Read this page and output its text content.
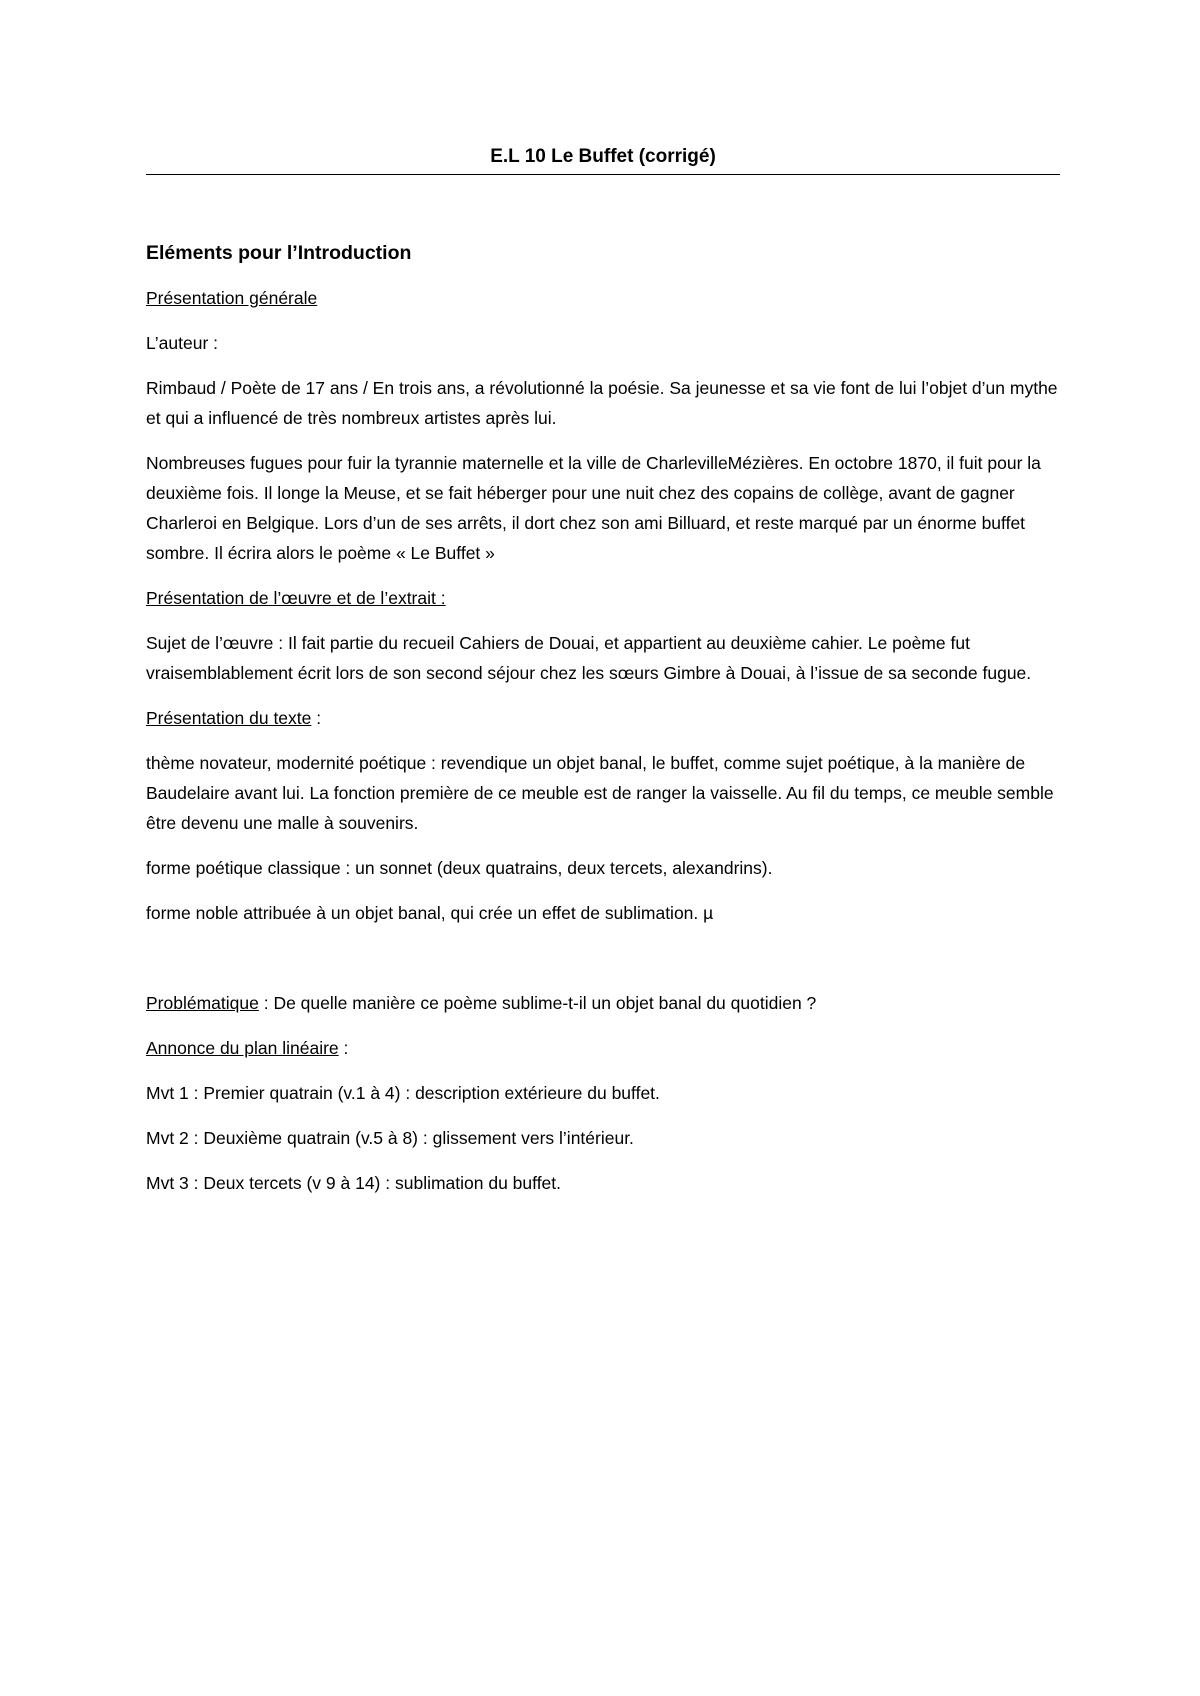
E.L 10 Le Buffet (corrigé)
Eléments pour l’Introduction

Présentation générale

L’auteur :

Rimbaud / Poète de 17 ans / En trois ans, a révolutionné la poésie. Sa jeunesse et sa vie font de lui l’objet d’un mythe et qui a influencé de très nombreux artistes après lui.

Nombreuses fugues pour fuir la tyrannie maternelle et la ville de CharlevilleMézières. En octobre 1870, il fuit pour la deuxième fois. Il longe la Meuse, et se fait héberger pour une nuit chez des copains de collège, avant de gagner Charleroi en Belgique. Lors d’un de ses arrêts, il dort chez son ami Billuard, et reste marqué par un énorme buffet sombre. Il écrira alors le poème « Le Buffet »

Présentation de l’œuvre et de l’extrait :

Sujet de l’œuvre : Il fait partie du recueil Cahiers de Douai, et appartient au deuxième cahier. Le poème fut vraisemblablement écrit lors de son second séjour chez les sœurs Gimbre à Douai, à l’issue de sa seconde fugue.

Présentation du texte :

thème novateur, modernité poétique : revendique un objet banal, le buffet, comme sujet poétique, à la manière de Baudelaire avant lui. La fonction première de ce meuble est de ranger la vaisselle. Au fil du temps, ce meuble semble être devenu une malle à souvenirs.

forme poétique classique : un sonnet (deux quatrains, deux tercets, alexandrins).

forme noble attribuée à un objet banal, qui crée un effet de sublimation. µ

Problématique : De quelle manière ce poème sublime-t-il un objet banal du quotidien ?

Annonce du plan linéaire :

Mvt 1 : Premier quatrain (v.1 à 4) : description extérieure du buffet.

Mvt 2 : Deuxième quatrain (v.5 à 8) : glissement vers l’intérieur.

Mvt 3 : Deux tercets (v 9 à 14) : sublimation du buffet.
